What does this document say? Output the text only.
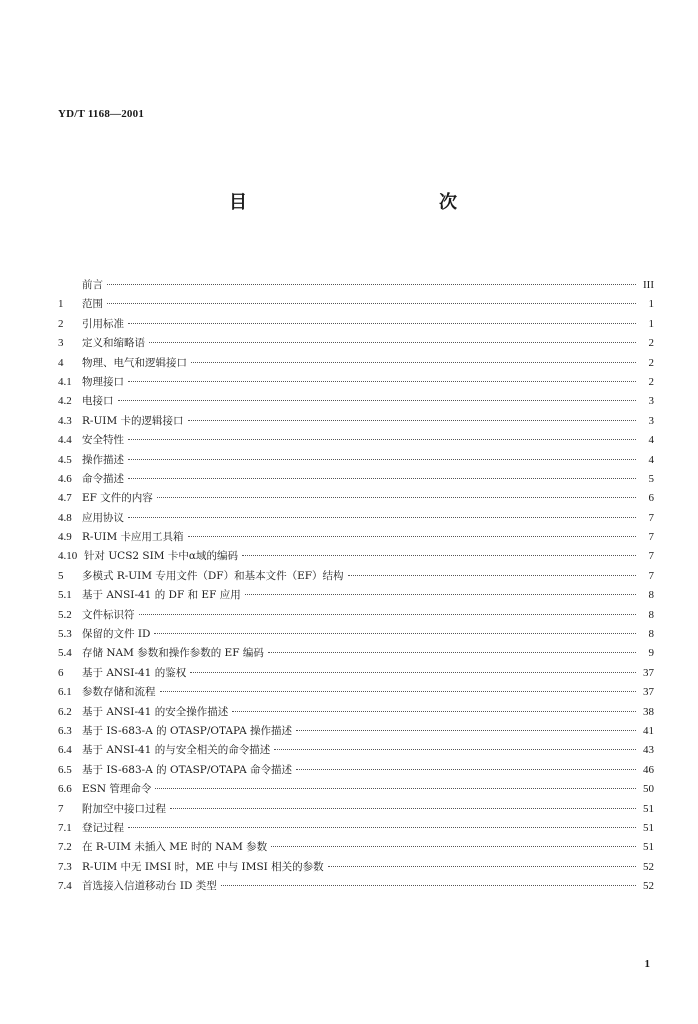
YD/T 1168—2001
目　　次
前言	III
1	范围	1
2	引用标准	1
3	定义和缩略语	2
4	物理、电气和逻辑接口	2
4.1 物理接口	2
4.2 电接口	3
4.3 R-UIM 卡的逻辑接口	3
4.4 安全特性	4
4.5 操作描述	4
4.6 命令描述	5
4.7 EF 文件的内容	6
4.8 应用协议	7
4.9 R-UIM 卡应用工具箱	7
4.10 针对 UCS2 SIM 卡中α域的编码	7
5	多模式 R-UIM 专用文件（DF）和基本文件（EF）结构	7
5.1 基于 ANSI-41 的 DF 和 EF 应用	8
5.2 文件标识符	8
5.3 保留的文件 ID	8
5.4 存储 NAM 参数和操作参数的 EF 编码	9
6	基于 ANSI-41 的鉴权	37
6.1 参数存储和流程	37
6.2 基于 ANSI-41 的安全操作描述	38
6.3 基于 IS-683-A 的 OTASP/OTAPA 操作描述	41
6.4 基于 ANSI-41 的与安全相关的命令描述	43
6.5 基于 IS-683-A 的 OTASP/OTAPA 命令描述	46
6.6 ESN 管理命令	50
7	附加空中接口过程	51
7.1 登记过程	51
7.2 在 R-UIM 未插入 ME 时的 NAM 参数	51
7.3 R-UIM 中无 IMSI 时，ME 中与 IMSI 相关的参数	52
7.4 首选接入信道移动台 ID 类型	52
1
